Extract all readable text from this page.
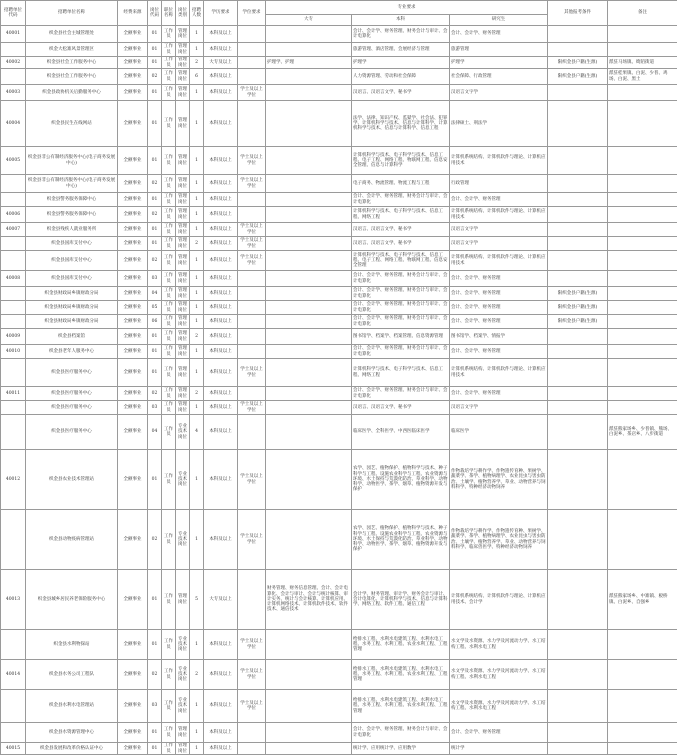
招聘单位代码	招聘单位名称	经费来源	岗位代码	职位名称	岗位类别	招聘人数	学历要求	学位要求	专业要求			其他报考条件	备注
									大专	本科	研究生		
40001	织金县社会主城管理处	全额事业	01	工作员	管理岗位	1	本科及以上			会计、会计学、财务管理、财务会计与审计、会计电算化	会计、会计学、财务管理		
	织金大松寨风景管理区	全额事业	01	工作员	管理岗位	1	本科及以上			旅游管理、酒店管理、会展经济与管理	旅游管理		
40002	织金县社会工作服务中心	全额事业	01	工作员	管理岗位	2	大专及以上		护理学、护理	护理学	护理学	限织金县户籍(生源)	派驻马场镇、绮陌街道
	织金县社会工作服务中心	全额事业	02	工作员	管理岗位	6	本科及以上			人力资源管理、劳动和社会保障	社会保障、行政管理	限织金县户籍(生源)	派驻桂果镇、白泥、少普、鸡场、白泥、黑土
40003	织金县政协机关后勤服务中心	全额事业	01	工作员	管理岗位	1	本科及以上	学士及以上学位		汉语言、汉语言文学、秘书学	汉语言文字学		
40004	织金县民生在线网站	全额事业	01	工作员	管理岗位	1	本科及以上			法学、法律、知识产权、监狱学、社会法、犯罪学、计算机科学与技术、信息与计算科学、计算机科学与技术、信息与计算科学、信息工程	法律硕士、刑法学		
40005	织金县非公有制经济服务中心(电子商务发展中心)	全额事业	01	工作员	管理岗位	1	本科及以上	学士及以上学位		计算机科学与技术、电子科学与技术、信息工程、电子工程、网络工程、物联网工程、信息安全管理、信息与计算科学	计算机系统结构、计算机软件与理论、计算机应用技术		
	织金县非公有制经济服务中心(电子商务发展中心)	全额事业	02	工作员	管理岗位	1	本科及以上	学士及以上学位		电子商务、物流管理、物流工程与工程	行政管理		
	织金县警务服务保障中心	全额事业	01	工作员	管理岗位	1	本科及以上			会计、会计学、财务管理、财务会计与审计、会计电算化	会计、会计学、财务管理		
40006	织金县警务服务保障中心	全额事业	02	工作员	管理岗位	1	本科及以上			计算机科学与技术、电子科学与技术、信息工程、网络工程	计算机系统结构、计算机软件与理论、计算机应用技术		
40007	织金县残疾人就业服务所	全额事业	01	工作员	管理岗位	1	本科及以上	学士及以上学位		汉语言、汉语言文学、秘书学	汉语言文字学		
	织金县国库支付中心	全额事业	01	工作员	管理岗位	2	本科及以上	学士及以上学位		汉语言、汉语言文学、秘书学	汉语言文字学		
	织金县国库支付中心	全额事业	02	工作员	管理岗位	1	本科及以上	学士及以上学位		计算机科学与技术、电子科学与技术、信息工程、电子工程、网络工程、物联网工程、信息安全管理	计算机系统结构、计算机软件与理论、计算机应用技术		
40008	织金县国库支付中心	全额事业	03	工作员	管理岗位	1	本科及以上			会计、会计学、财务管理、财务会计与审计、会计电算化	会计、会计学、财务管理		
	织金县财政局乡镇财政分局	全额事业	04	工作员	管理岗位	1	本科及以上			会计、会计学、财务管理、财务会计与审计、会计电算化	会计、会计学、财务管理	限织金县户籍(生源)	
	织金县财政局乡镇财政分局	全额事业	05	工作员	管理岗位	1	本科及以上			会计、会计学、财务管理、财务会计与审计、会计电算化	会计、会计学、财务管理	限织金县户籍(生源)	
	织金县财政局乡镇财政分局	全额事业	06	工作员	管理岗位	1	本科及以上			会计、会计学、财务管理、财务会计与审计、会计电算化	会计、会计学、财务管理	限织金县户籍(生源)	
40009	织金县档案馆	全额事业	01	工作员	管理岗位	2	本科及以上			图书馆学、档案学、档案管理、信息资源管理	图书馆学、档案学、情报学		
40010	织金县老年人服务中心	全额事业	01	工作员	管理岗位	1	本科及以上			会计、会计学、财务管理、财务会计与审计、会计电算化	会计、会计学、财务管理		
	织金县医疗服务中心	全额事业	01	工作员	管理岗位	1	本科及以上	学士及以上学位		计算机科学与技术、电子科学与技术、信息工程、网络工程	计算机系统结构、计算机软件与理论、计算机应用技术		
40011	织金县医疗服务中心	全额事业	02	工作员	管理岗位	2	本科及以上			会计、会计学、财务管理、财务会计与审计、会计电算化	会计、会计学、财务管理		
	织金县医疗服务中心	全额事业	03	工作员	管理岗位	1	本科及以上	学士及以上学位		汉语言、汉语言文学、秘书学	汉语言文字学		
	织金县医疗服务中心	全额事业	04	工作员	专业技术岗位	4	本科及以上			临床医学、全科医学、中西医临床医学	临床医学		派驻熊家场乡、少普镇、熊场、白泥乡、茶店乡、八步街道
40012	织金县农业技术管理站	全额事业	01	工作员	专业技术岗位	1	本科及以上	学士及以上学位		农学、园艺、植物保护、植物科学与技术、种子科学与工程、设施农业科学与工程、农业资源与环境、水土保持与荒漠化防治、草业科学、动物科学、动物医学、茶学、烟草、植物资源开发与保护	作物栽培学与耕作学、作物遗传育种、果树学、蔬菜学、茶学、植物病理学、农业昆虫与害虫防治、土壤学、植物营养学、草业、动物营养与饲料科学、特种经济动物饲养		
	织金县动物疫病管理站	全额事业	02	工作员	专业技术岗位	1	本科及以上	学士及以上学位		农学、园艺、植物保护、植物科学与技术、种子科学与工程、设施农业科学与工程、农业资源与环境、水土保持与荒漠化防治、草业科学、动物科学、动物医学、茶学、烟草、植物资源开发与保护	作物栽培学与耕作学、作物遗传育种、果树学、蔬菜学、茶学、植物病理学、农业昆虫与害虫防治、土壤学、植物营养学、草业、动物营养与饲料科学、临床兽医学、特种经济动物饲养		
40013	织金县城乡居民养老保险服务中心	全额事业	01	工作员	管理岗位	5	大专及以上		财务管理、财务信息管理、会计、会计电算化、会计与审计、会计与统计核算、审计实务、统计与会计核算、计算机应用、计算机网络技术、计算机软件技术、软件技术、通信技术	会计学、财务管理、审计学、财务会计与审计、会计电算化、计算机科学与技术、信息与计算科学、网络工程、软件工程、通信工程	计算机系统结构、计算机软件与理论、计算机应用技术、会计学		派驻熊家场乡、中寨镇、板桥镇、白泥乡、自强乡
	织金县水利物探站	全额事业	01	工作员	专业技术岗位	1	本科及以上	学士及以上学位		给排水工程、水利水电建筑工程、水利水电工程、水务工程、水利工程、农业水利工程、工程管理	水文学及水资源、水力学及河流动力学、水工结构工程、水利水电工程		
40014	织金县水务公司工程队	全额事业	02	工作员	专业技术岗位	2	本科及以上	学士及以上学位		给排水工程、水利水电建筑工程、水利水电工程、水务工程、水利工程、农业水利工程、工程管理	水文学及水资源、水力学及河流动力学、水工结构工程、水利水电工程		
	织金县水利水电管理站	全额事业	03	工作员	专业技术岗位	1	本科及以上	学士及以上学位		给排水工程、水利水电建筑工程、水利水电工程、水务工程、水利工程、农业水利工程、工程管理	水文学及水资源、水力学及河流动力学、水工结构工程、水利水电工程		
	织金县水资源管理中心	全额事业	01	工作员	管理岗位	1	本科及以上			会计、会计学、财务管理、财务会计与审计、会计电算化	会计、会计学、财务管理		
40015	织金县发展和改革价格认证中心	全额事业	01	工作员	管理岗位	1	本科及以上			统计学、应用统计学、应用数学	统计学		
